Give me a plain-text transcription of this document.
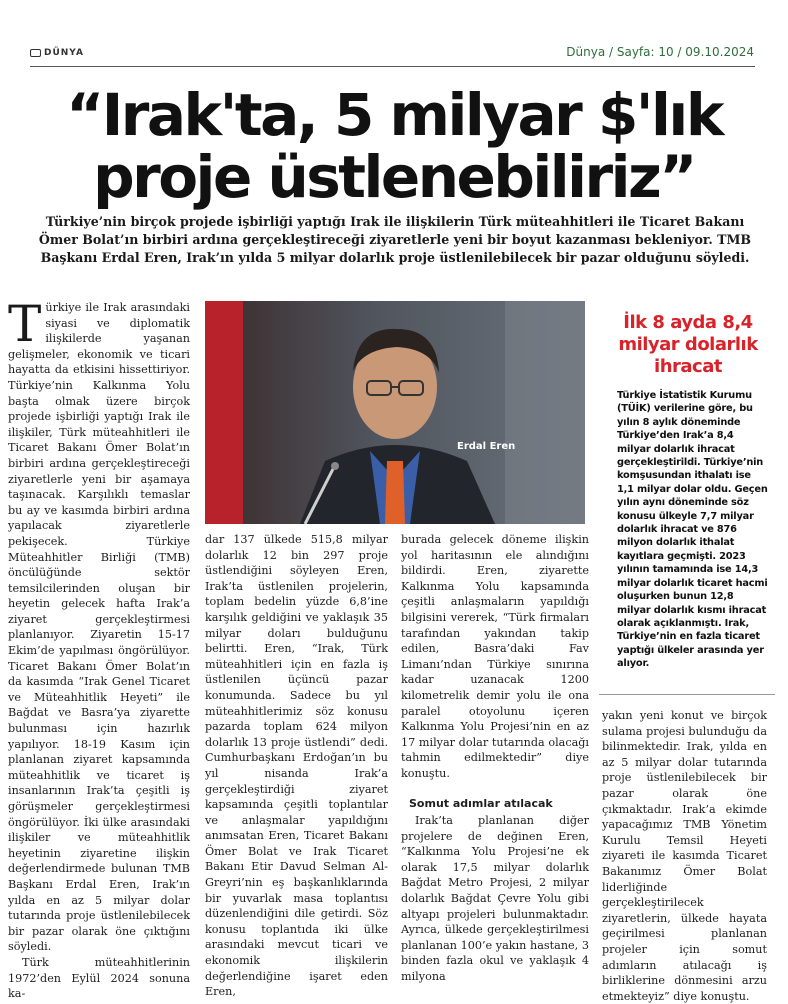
DÜNYA	Dünya / Sayfa: 10 / 09.10.2024
“Irak'ta, 5 milyar $'lık proje üstlenebiliriz”
Türkiye’nin birçok projede işbirliği yaptığı Irak ile ilişkilerin Türk müteahhitleri ile Ticaret Bakanı Ömer Bolat’ın birbiri ardına gerçekleştireceği ziyaretlerle yeni bir boyut kazanması bekleniyor. TMB Başkanı Erdal Eren, Irak’ın yılda 5 milyar dolarlık proje üstlenilebilecek bir pazar olduğunu söyledi.

Türkiye ile Irak arasındaki siyasi ve diplomatik ilişkilerde yaşanan gelişmeler, ekonomik ve ticari hayatta da etkisini hissettiriyor. Türkiye’nin Kalkınma Yolu başta olmak üzere birçok projede işbirliği yaptığı Irak ile ilişkiler, Türk müteahhitleri ile Ticaret Bakanı Ömer Bolat’ın birbiri ardına gerçekleştireceği ziyaretlerle yeni bir aşamaya taşınacak. Karşılıklı temaslar bu ay ve kasımda birbiri ardına yapılacak ziyaretlerle pekişecek. Türkiye Müteahhitler Birliği (TMB) öncülüğünde sektör temsilcilerinden oluşan bir heyetin gelecek hafta Irak’a ziyaret gerçekleştirmesi planlanıyor. Ziyaretin 15-17 Ekim’de yapılması öngörülüyor. Ticaret Bakanı Ömer Bolat’ın da kasımda “Irak Genel Ticaret ve Müteahhitlik Heyeti” ile Bağdat ve Basra’ya ziyarette bulunması için hazırlık yapılıyor. 18-19 Kasım için planlanan ziyaret kapsamında müteahhitlik ve ticaret iş insanlarının Irak’ta çeşitli iş görüşmeler gerçekleştirmesi öngörülüyor. İki ülke arasındaki ilişkiler ve müteahhitlik heyetinin ziyaretine ilişkin değerlendirmede bulunan TMB Başkanı Erdal Eren, Irak’ın yılda en az 5 milyar dolar tutarında proje üstlenilebilecek bir pazar olarak öne çıktığını söyledi.

Türk müteahhitlerinin 1972’den Eylül 2024 sonuna ka-

Erdal Eren
dar 137 ülkede 515,8 milyar dolarlık 12 bin 297 proje üstlendiğini söyleyen Eren, Irak’ta üstlenilen projelerin, toplam bedelin yüzde 6,8’ine karşılık geldiğini ve yaklaşık 35 milyar doları bulduğunu belirtti. Eren, “Irak, Türk müteahhitleri için en fazla iş üstlenilen üçüncü pazar konumunda. Sadece bu yıl müteahhitlerimiz söz konusu pazarda toplam 624 milyon dolarlık 13 proje üstlendi” dedi. Cumhurbaşkanı Erdoğan’ın bu yıl nisanda Irak’a gerçekleştirdiği ziyaret kapsamında çeşitli toplantılar ve anlaşmalar yapıldığını anımsatan Eren, Ticaret Bakanı Ömer Bolat ve Irak Ticaret Bakanı Etir Davud Selman Al-Greyri’nin eş başkanlıklarında bir yuvarlak masa toplantısı düzenlendiğini dile getirdi. Söz konusu toplantıda iki ülke arasındaki mevcut ticari ve ekonomik ilişkilerin değerlendiğine işaret eden Eren,

burada gelecek döneme ilişkin yol haritasının ele alındığını bildirdi. Eren, ziyarette Kalkınma Yolu kapsamında çeşitli anlaşmaların yapıldığı bilgisini vererek, “Türk firmaları tarafından yakından takip edilen, Basra’daki Fav Limanı’ndan Türkiye sınırına kadar uzanacak 1200 kilometrelik demir yolu ile ona paralel otoyolunu içeren Kalkınma Yolu Projesi’nin en az 17 milyar dolar tutarında olacağı tahmin edilmektedir” diye konuştu.

Somut adımlar atılacak

Irak’ta planlanan diğer projelere de değinen Eren, “Kalkınma Yolu Projesi’ne ek olarak 17,5 milyar dolarlık Bağdat Metro Projesi, 2 milyar dolarlık Bağdat Çevre Yolu gibi altyapı projeleri bulunmaktadır. Ayrıca, ülkede gerçekleştirilmesi planlanan 100’e yakın hastane, 3 binden fazla okul ve yaklaşık 4 milyona

İlk 8 ayda 8,4 milyar dolarlık ihracat
Türkiye İstatistik Kurumu (TÜİK) verilerine göre, bu yılın 8 aylık döneminde Türkiye’den Irak’a 8,4 milyar dolarlık ihracat gerçekleştirildi. Türkiye’nin komşusundan ithalatı ise 1,1 milyar dolar oldu. Geçen yılın aynı döneminde söz konusu ülkeyle 7,7 milyar dolarlık ihracat ve 876 milyon dolarlık ithalat kayıtlara geçmişti. 2023 yılının tamamında ise 14,3 milyar dolarlık ticaret hacmi oluşurken bunun 12,8 milyar dolarlık kısmı ihracat olarak açıklanmıştı. Irak, Türkiye’nin en fazla ticaret yaptığı ülkeler arasında yer alıyor.
yakın yeni konut ve birçok sulama projesi bulunduğu da bilinmektedir. Irak, yılda en az 5 milyar dolar tutarında proje üstlenilebilecek bir pazar olarak öne çıkmaktadır. Irak’a ekimde yapacağımız TMB Yönetim Kurulu Temsil Heyeti ziyareti ile kasımda Ticaret Bakanımız Ömer Bolat liderliğinde gerçekleştirilecek ziyaretlerin, ülkede hayata geçirilmesi planlanan projeler için somut adımların atılacağı iş birliklerine dönmesini arzu etmekteyiz” diye konuştu.
